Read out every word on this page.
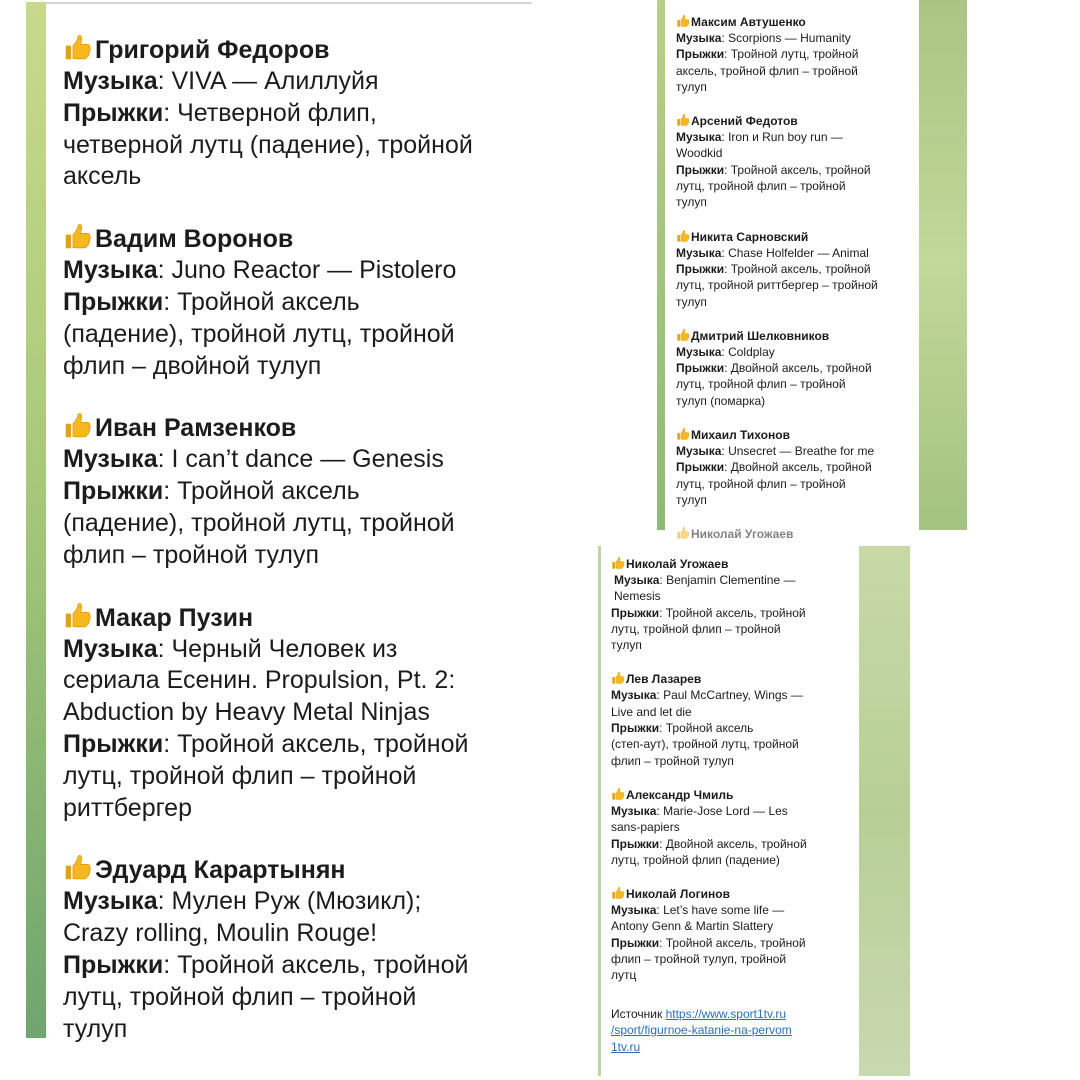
Григорий Федоров
Музыка: VIVA — Алиллуйя
Прыжки: Четверной флип,
четверной лутц (падение), тройной
аксель
Вадим Воронов
Музыка: Juno Reactor — Pistolero
Прыжки: Тройной аксель
(падение), тройной лутц, тройной
флип – двойной тулуп
Иван Рамзенков
Музыка: I can’t dance — Genesis
Прыжки: Тройной аксель
(падение), тройной лутц, тройной
флип – тройной тулуп
Макар Пузин
Музыка: Черный Человек из
сериала Есенин. Propulsion, Pt. 2:
Abduction by Heavy Metal Ninjas
Прыжки: Тройной аксель, тройной
лутц, тройной флип – тройной
риттбергер
Эдуард Карартынян
Музыка: Мулен Руж (Мюзикл);
Crazy rolling, Moulin Rouge!
Прыжки: Тройной аксель, тройной
лутц, тройной флип – тройной
тулуп
Максим Автушенко
Музыка: Scorpions — Humanity
Прыжки: Тройной лутц, тройной
аксель, тройной флип – тройной
тулуп
Арсений Федотов
Музыка: Iron и Run boy run —
Woodkid
Прыжки: Тройной аксель, тройной
лутц, тройной флип – тройной
тулуп
Никита Сарновский
Музыка: Chase Holfelder — Animal
Прыжки: Тройной аксель, тройной
лутц, тройной риттбергер – тройной
тулуп
Дмитрий Шелковников
Музыка: Coldplay
Прыжки: Двойной аксель, тройной
лутц, тройной флип – тройной
тулуп (помарка)
Михаил Тихонов
Музыка: Unsecret — Breathe for me
Прыжки: Двойной аксель, тройной
лутц, тройной флип – тройной
тулуп
Николай Угожаев
Николай Угожаев
Музыка: Benjamin Clementine —
Nemesis
Прыжки: Тройной аксель, тройной
лутц, тройной флип – тройной
тулуп
Лев Лазарев
Музыка: Paul McCartney, Wings —
Live and let die
Прыжки: Тройной аксель
(степ-аут), тройной лутц, тройной
флип – тройной тулуп
Александр Чмиль
Музыка: Marie-Jose Lord — Les
sans-papiers
Прыжки: Двойной аксель, тройной
лутц, тройной флип (падение)
Николай Логинов
Музыка: Let’s have some life —
Antony Genn & Martin Slattery
Прыжки: Тройной аксель, тройной
флип – тройной тулуп, тройной
лутц
Источник https://www.sport1tv.ru
/sport/figurnoe-katanie-na-pervom
1tv.ru
